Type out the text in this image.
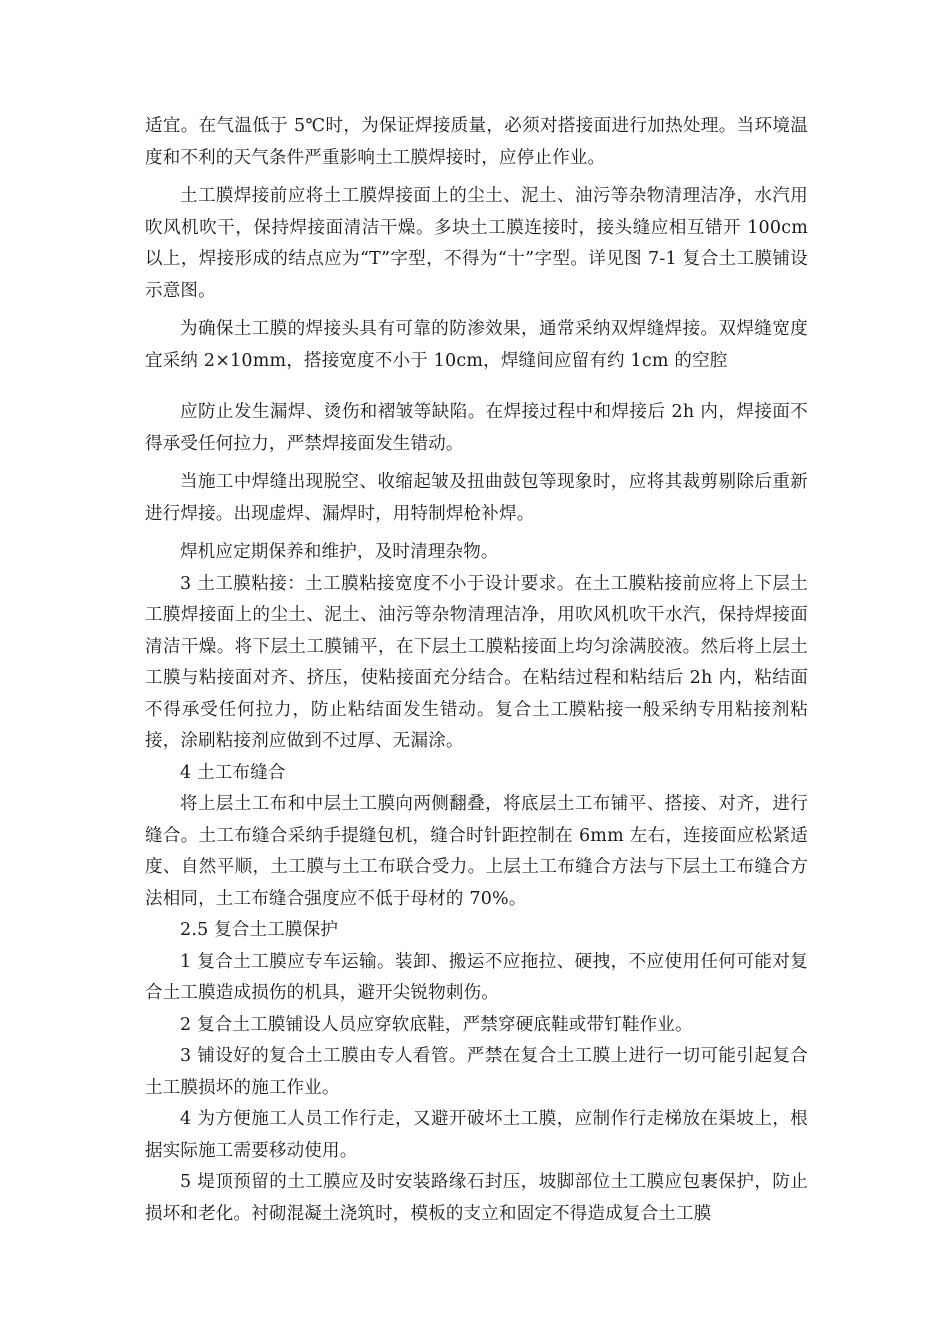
适宜。在气温低于 5℃时，为保证焊接质量，必须对搭接面进行加热处理。当环境温度和不利的天气条件严重影响土工膜焊接时，应停止作业。

土工膜焊接前应将土工膜焊接面上的尘土、泥土、油污等杂物清理洁净，水汽用吹风机吹干，保持焊接面清洁干燥。多块土工膜连接时，接头缝应相互错开 100cm 以上，焊接形成的结点应为“T”字型，不得为“十”字型。详见图 7-1 复合土工膜铺设示意图。

为确保土工膜的焊接头具有可靠的防渗效果，通常采纳双焊缝焊接。双焊缝宽度宜采纳 2×10mm，搭接宽度不小于 10cm，焊缝间应留有约 1cm 的空腔

应防止发生漏焊、烫伤和褶皱等缺陷。在焊接过程中和焊接后 2h 内，焊接面不得承受任何拉力，严禁焊接面发生错动。

当施工中焊缝出现脱空、收缩起皱及扭曲鼓包等现象时，应将其裁剪剔除后重新进行焊接。出现虚焊、漏焊时，用特制焊枪补焊。

焊机应定期保养和维护，及时清理杂物。

3 土工膜粘接：土工膜粘接宽度不小于设计要求。在土工膜粘接前应将上下层土工膜焊接面上的尘土、泥土、油污等杂物清理洁净，用吹风机吹干水汽，保持焊接面清洁干燥。将下层土工膜铺平，在下层土工膜粘接面上均匀涂满胶液。然后将上层土工膜与粘接面对齐、挤压，使粘接面充分结合。在粘结过程和粘结后 2h 内，粘结面不得承受任何拉力，防止粘结面发生错动。复合土工膜粘接一般采纳专用粘接剂粘接，涂刷粘接剂应做到不过厚、无漏涂。

4 土工布缝合

将上层土工布和中层土工膜向两侧翻叠，将底层土工布铺平、搭接、对齐，进行缝合。土工布缝合采纳手提缝包机，缝合时针距控制在 6mm 左右，连接面应松紧适度、自然平顺，土工膜与土工布联合受力。上层土工布缝合方法与下层土工布缝合方法相同，土工布缝合强度应不低于母材的 70%。

2.5 复合土工膜保护

1 复合土工膜应专车运输。装卸、搬运不应拖拉、硬拽，不应使用任何可能对复合土工膜造成损伤的机具，避开尖锐物刺伤。

2 复合土工膜铺设人员应穿软底鞋，严禁穿硬底鞋或带钉鞋作业。

3 铺设好的复合土工膜由专人看管。严禁在复合土工膜上进行一切可能引起复合土工膜损坏的施工作业。

4 为方便施工人员工作行走，又避开破坏土工膜，应制作行走梯放在渠坡上，根据实际施工需要移动使用。

5 堤顶预留的土工膜应及时安装路缘石封压，坡脚部位土工膜应包裹保护，防止损坏和老化。衬砌混凝土浇筑时，模板的支立和固定不得造成复合土工膜
